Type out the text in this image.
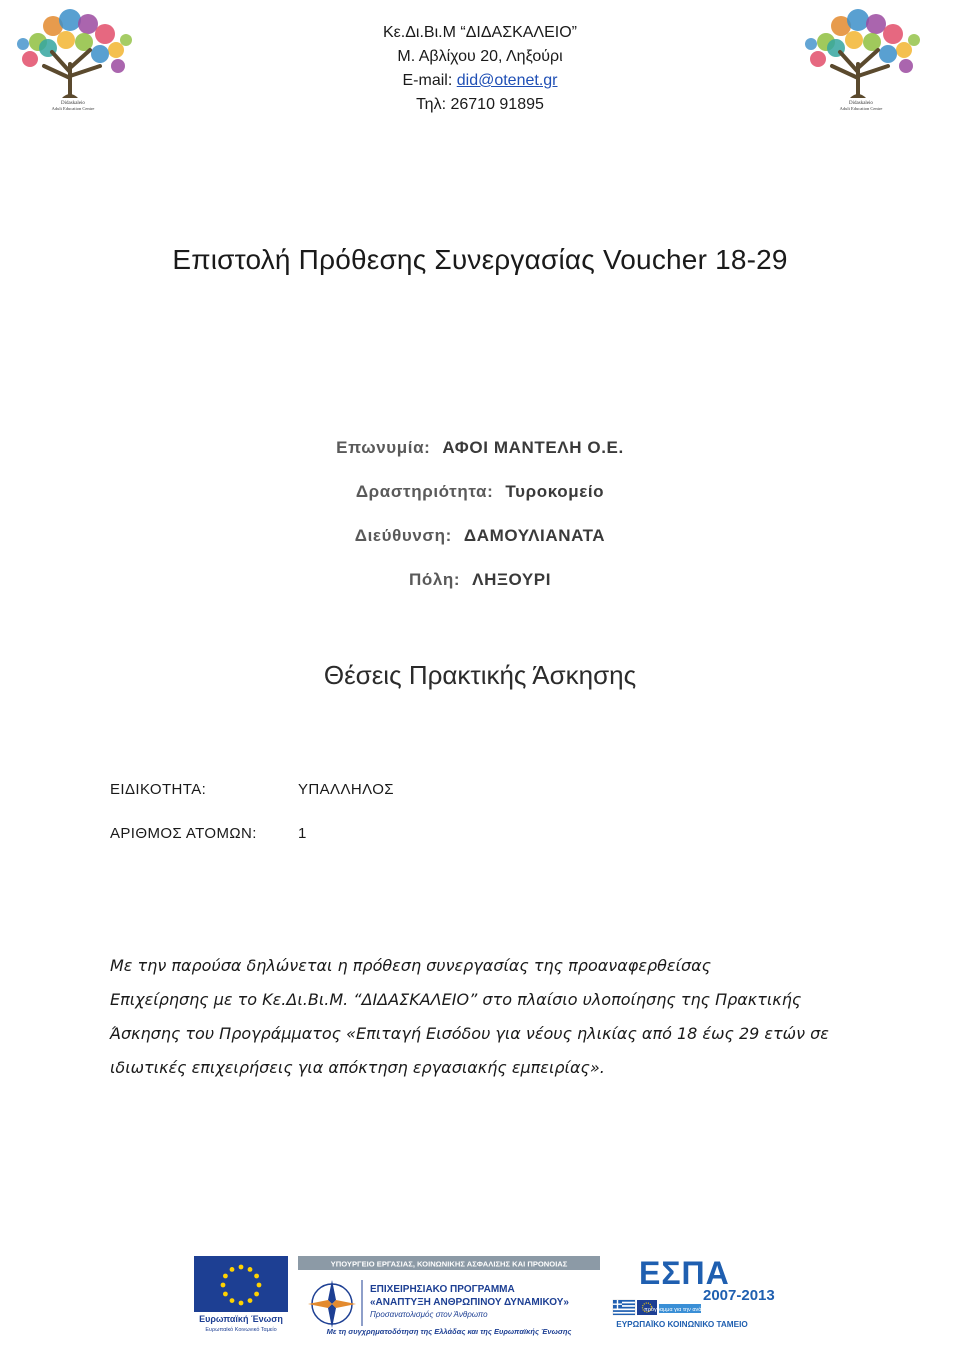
Didaskaleio
Adult Education Centre
Didaskaleio
Adult Education Centre
Κε.Δι.Βι.Μ “ΔΙΔΑΣΚΑΛΕΙΟ”
Μ. Αβλίχου 20, Ληξούρι
E-mail: did@otenet.gr
Τηλ: 26710 91895
Επιστολή Πρόθεσης Συνεργασίας Voucher 18-29
Επωνυμία: ΑΦΟΙ ΜΑΝΤΕΛΗ Ο.Ε.
Δραστηριότητα: Τυροκομείο
Διεύθυνση: ΔΑΜΟΥΛΙΑΝΑΤΑ
Πόλη: ΛΗΞΟΥΡΙ
Θέσεις Πρακτικής Άσκησης
ΕΙΔΙΚΟΤΗΤΑ:	ΥΠΑΛΛΗΛΟΣ
ΑΡΙΘΜΟΣ ΑΤΟΜΩΝ:	1
Με την παρούσα δηλώνεται η πρόθεση συνεργασίας της προαναφερθείσας
Επιχείρησης με το Κε.Δι.Βι.Μ. “ΔΙΔΑΣΚΑΛΕΙΟ” στο πλαίσιο υλοποίησης της Πρακτικής
Άσκησης του Προγράμματος «Επιταγή Εισόδου για νέους ηλικίας από 18 έως 29 ετών σε
ιδιωτικές επιχειρήσεις για απόκτηση εργασιακής εμπειρίας».
Ευρωπαϊκή Ένωση
Ευρωπαϊκό Κοινωνικό Ταμείο
ΥΠΟΥΡΓΕΙΟ ΕΡΓΑΣΙΑΣ, ΚΟΙΝΩΝΙΚΗΣ ΑΣΦΑΛΙΣΗΣ ΚΑΙ ΠΡΟΝΟΙΑΣ
ΕΠΙΧΕΙΡΗΣΙΑΚΟ ΠΡΟΓΡΑΜΜΑ
«ΑΝΑΠΤΥΞΗ ΑΝΘΡΩΠΙΝΟΥ ΔΥΝΑΜΙΚΟΥ»
Προσανατολισμός στον Άνθρωπο
Με τη συγχρηματοδότηση της Ελλάδας και της Ευρωπαϊκής Ένωσης
ΕΣΠΑ
2007-2013
πρόγραμμα για την ανάπτυξη
ΕΥΡΩΠΑΪΚΟ ΚΟΙΝΩΝΙΚΟ ΤΑΜΕΙΟ
